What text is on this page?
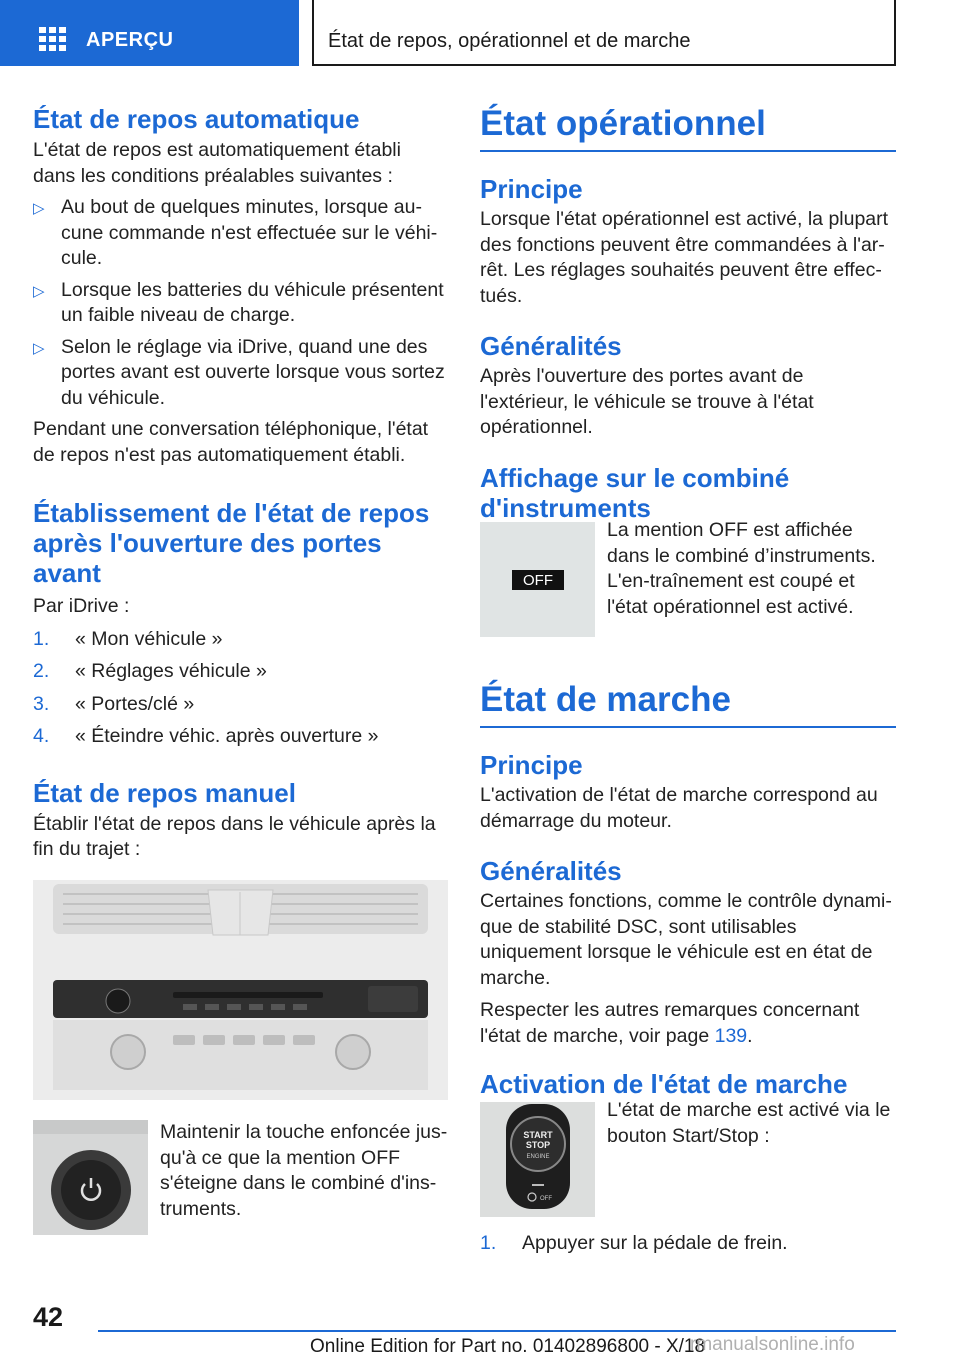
APERÇU	État de repos, opérationnel et de marche
État de repos automatique

L'état de repos est automatiquement établi dans les conditions préalables suivantes :

▷ Au bout de quelques minutes, lorsque au-cune commande n'est effectuée sur le véhi-cule.
▷ Lorsque les batteries du véhicule présentent un faible niveau de charge.
▷ Selon le réglage via iDrive, quand une des portes avant est ouverte lorsque vous sortez du véhicule.

Pendant une conversation téléphonique, l'état de repos n'est pas automatiquement établi.

Établissement de l'état de repos après l'ouverture des portes avant

Par iDrive :

1. « Mon véhicule »
2. « Réglages véhicule »
3. « Portes/clé »
4. « Éteindre véhic. après ouverture »
État de repos manuel

Établir l'état de repos dans le véhicule après la fin du trajet :

Maintenir la touche enfoncée jus-qu'à ce que la mention OFF s'éteigne dans le combiné d'ins-truments.

État opérationnel
Principe

Lorsque l'état opérationnel est activé, la plupart des fonctions peuvent être commandées à l'ar-rêt. Les réglages souhaités peuvent être effec-tués.

Généralités

Après l'ouverture des portes avant de l'extérieur, le véhicule se trouve à l'état opérationnel.

Affichage sur le combiné d'instruments
OFF

La mention OFF est affichée dans le combiné d’instruments. L'en-traînement est coupé et l'état opérationnel est activé.

État de marche
Principe

L'activation de l'état de marche correspond au démarrage du moteur.

Généralités

Certaines fonctions, comme le contrôle dynami-que de stabilité DSC, sont utilisables uniquement lorsque le véhicule est en état de marche.

Respecter les autres remarques concernant l'état de marche, voir page 139.

Activation de l'état de marche
START
STOP
ENGINE
OFF

L'état de marche est activé via le bouton Start/Stop :

1. Appuyer sur la pédale de frein.
42
Online Edition for Part no. 01402896800 - X/18
rmanualsonline.info
